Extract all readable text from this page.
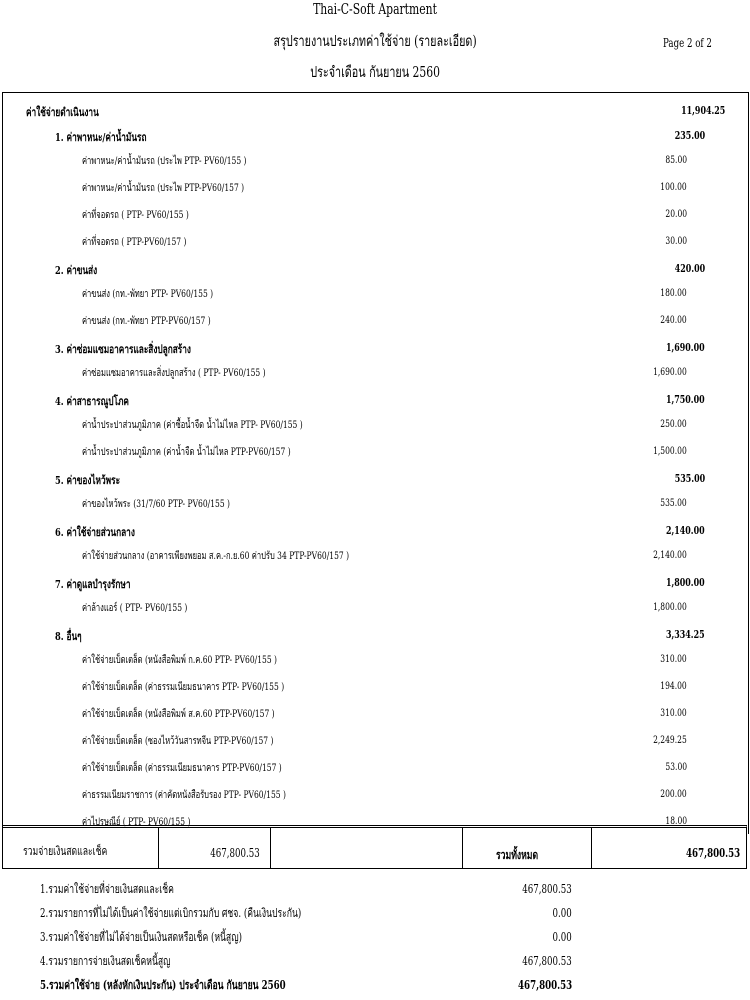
Thai-C-Soft Apartment
สรุปรายงานประเภทค่าใช้จ่าย (รายละเอียด)
ประจำเดือน กันยายน 2560
Page 2 of 2
ค่าใช้จ่ายดำเนินงาน	11,904.25
1. ค่าพาหนะ/ค่าน้ำมันรถ	235.00
ค่าพาหนะ/ค่าน้ำมันรถ (ประไพ PTP- PV60/155 )	85.00
ค่าพาหนะ/ค่าน้ำมันรถ (ประไพ PTP-PV60/157 )	100.00
ค่าที่จอดรถ ( PTP- PV60/155 )	20.00
ค่าที่จอดรถ ( PTP-PV60/157 )	30.00
2. ค่าขนส่ง	420.00
ค่าขนส่ง (กท.-พัทยา PTP- PV60/155 )	180.00
ค่าขนส่ง (กท.-พัทยา PTP-PV60/157 )	240.00
3. ค่าซ่อมแซมอาคารและสิ่งปลูกสร้าง	1,690.00
ค่าซ่อมแซมอาคารและสิ่งปลูกสร้าง ( PTP- PV60/155 )	1,690.00
4. ค่าสาธารณูปโภค	1,750.00
ค่าน้ำประปาส่วนภูมิภาค (ค่าซื้อน้ำจืด น้ำไม่ไหล PTP- PV60/155 )	250.00
ค่าน้ำประปาส่วนภูมิภาค (ค่าน้ำจืด น้ำไม่ไหล PTP-PV60/157 )	1,500.00
5. ค่าของไหว้พระ	535.00
ค่าของไหว้พระ (31/7/60 PTP- PV60/155 )	535.00
6. ค่าใช้จ่ายส่วนกลาง	2,140.00
ค่าใช้จ่ายส่วนกลาง (อาคารเพียงพยอม ส.ค.-ก.ย.60 ค่าปรับ 34 PTP-PV60/157 )	2,140.00
7. ค่าดูแลบำรุงรักษา	1,800.00
ค่าล้างแอร์ ( PTP- PV60/155 )	1,800.00
8. อื่นๆ	3,334.25
ค่าใช้จ่ายเบ็ดเตล็ด (หนังสือพิมพ์ ก.ค.60 PTP- PV60/155 )	310.00
ค่าใช้จ่ายเบ็ดเตล็ด (ค่าธรรมเนียมธนาคาร PTP- PV60/155 )	194.00
ค่าใช้จ่ายเบ็ดเตล็ด (หนังสือพิมพ์ ส.ค.60 PTP-PV60/157 )	310.00
ค่าใช้จ่ายเบ็ดเตล็ด (ซองไหว้วันสารทจีน PTP-PV60/157 )	2,249.25
ค่าใช้จ่ายเบ็ดเตล็ด (ค่าธรรมเนียมธนาคาร PTP-PV60/157 )	53.00
ค่าธรรมเนียมราชการ (ค่าคัดหนังสือรับรอง PTP- PV60/155 )	200.00
ค่าไปรษณีย์ ( PTP- PV60/155 )	18.00
รวมจ่ายเงินสดและเช็ค	467,800.53	รวมทั้งหมด	467,800.53
1.รวมค่าใช้จ่ายที่จ่ายเงินสดและเช็ค	467,800.53
2.รวมรายการที่ไม่ได้เป็นค่าใช้จ่ายแต่เบิกรวมกับ ศชจ. (คืนเงินประกัน)	0.00
3.รวมค่าใช้จ่ายที่ไม่ได้จ่ายเป็นเงินสดหรือเช็ค (หนี้สูญ)	0.00
4.รวมรายการจ่ายเงินสดเช็คหนี้สูญ	467,800.53
5.รวมค่าใช้จ่าย (หลังหักเงินประกัน) ประจำเดือน กันยายน 2560	467,800.53
